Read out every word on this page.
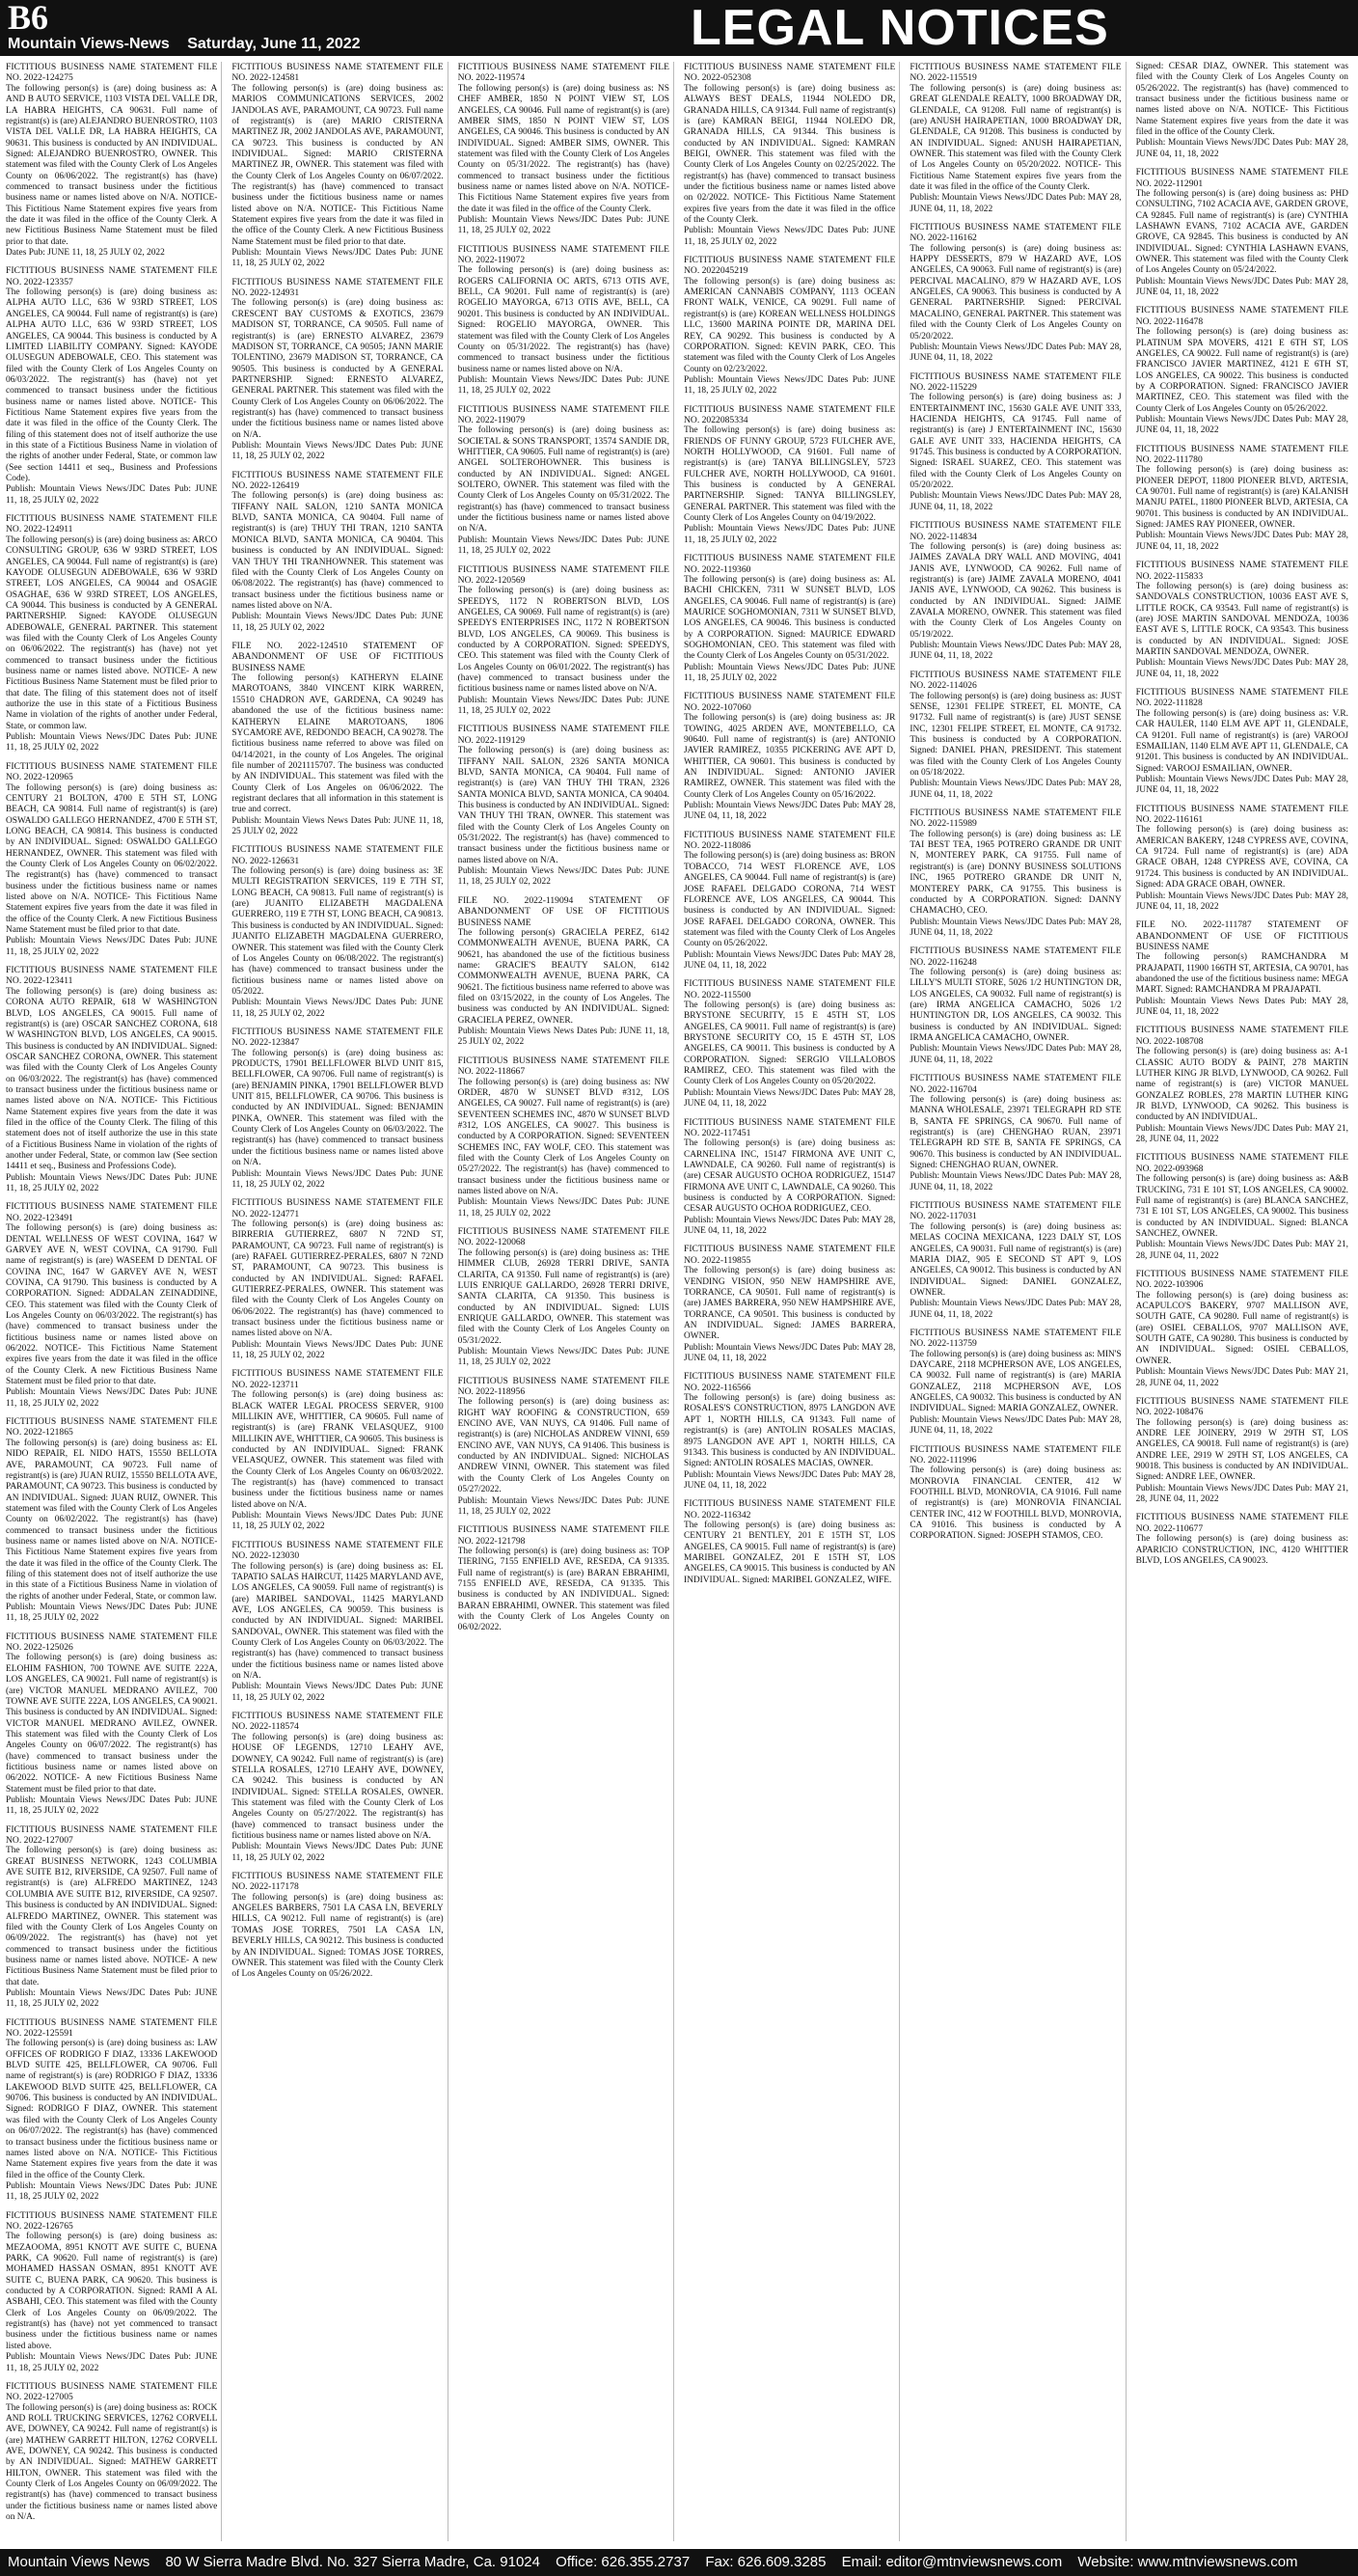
B6
Mountain Views-News Saturday, June 11, 2022	LEGAL NOTICES

FICTITIOUS BUSINESS NAME STATEMENT FILE NO. 2022-124275

The following person(s) is (are) doing business as: A AND B AUTO SERVICE, 1103 VISTA DEL VALLE DR, LA HABRA HEIGHTS, CA 90631. Full name of registrant(s) is (are) ALEJANDRO BUENROSTRO, 1103 VISTA DEL VALLE DR, LA HABRA HEIGHTS, CA 90631. This business is conducted by AN INDIVIDUAL. Signed: ALEJANDRO BUENROSTRO, OWNER. This statement was filed with the County Clerk of Los Angeles County on 06/06/2022. The registrant(s) has (have) commenced to transact business under the fictitious business name or names listed above on N/A. NOTICE- This Fictitious Name Statement expires five years from the date it was filed in the office of the County Clerk. A new Fictitious Business Name Statement must be filed prior to that date.

Dates Pub: JUNE 11, 18, 25 JULY 02, 2022

FICTITIOUS BUSINESS NAME STATEMENT FILE NO. 2022-123357

The following person(s) is (are) doing business as: ALPHA AUTO LLC, 636 W 93RD STREET, LOS ANGELES, CA 90044. Full name of registrant(s) is (are) ALPHA AUTO LLC, 636 W 93RD STREET, LOS ANGELES, CA 90044. This business is conducted by A LIMITED LIABILITY COMPANY. Signed: KAYODE OLUSEGUN ADEBOWALE, CEO. This statement was filed with the County Clerk of Los Angeles County on 06/03/2022. The registrant(s) has (have) not yet commenced to transact business under the fictitious business name or names listed above. NOTICE- This Fictitious Name Statement expires five years from the date it was filed in the office of the County Clerk. The filing of this statement does not of itself authorize the use in this state of a Fictitious Business Name in violation of the rights of another under Federal, State, or common law (See section 14411 et seq., Business and Professions Code).

Publish: Mountain Views News/JDC Dates Pub: JUNE 11, 18, 25 JULY 02, 2022

FICTITIOUS BUSINESS NAME STATEMENT FILE NO. 2022-124911

The following person(s) is (are) doing business as: ARCO CONSULTING GROUP, 636 W 93RD STREET, LOS ANGELES, CA 90044. Full name of registrant(s) is (are) KAYODE OLUSEGUN ADEBOWALE, 636 W 93RD STREET, LOS ANGELES, CA 90044 and OSAGIE OSAGHAE, 636 W 93RD STREET, LOS ANGELES, CA 90044. This business is conducted by A GENERAL PARTNERSHIP. Signed: KAYODE OLUSEGUN ADEBOWALE, GENERAL PARTNER. This statement was filed with the County Clerk of Los Angeles County on 06/06/2022. The registrant(s) has (have) not yet commenced to transact business under the fictitious business name or names listed above. NOTICE- A new Fictitious Business Name Statement must be filed prior to that date. The filing of this statement does not of itself authorize the use in this state of a Fictitious Business Name in violation of the rights of another under Federal, State, or common law.

Publish: Mountain Views News/JDC Dates Pub: JUNE 11, 18, 25 JULY 02, 2022

FICTITIOUS BUSINESS NAME STATEMENT FILE NO. 2022-120965

The following person(s) is (are) doing business as: CENTURY 21 BOLTON, 4700 E 5TH ST, LONG BEACH, CA 90814. Full name of registrant(s) is (are) OSWALDO GALLEGO HERNANDEZ, 4700 E 5TH ST, LONG BEACH, CA 90814. This business is conducted by AN INDIVIDUAL. Signed: OSWALDO GALLEGO HERNANDEZ, OWNER. This statement was filed with the County Clerk of Los Angeles County on 06/02/2022. The registrant(s) has (have) commenced to transact business under the fictitious business name or names listed above on N/A. NOTICE- This Fictitious Name Statement expires five years from the date it was filed in the office of the County Clerk. A new Fictitious Business Name Statement must be filed prior to that date.

Publish: Mountain Views News/JDC Dates Pub: JUNE 11, 18, 25 JULY 02, 2022

FICTITIOUS BUSINESS NAME STATEMENT FILE NO. 2022-123411

The following person(s) is (are) doing business as: CORONA AUTO REPAIR, 618 W WASHINGTON BLVD, LOS ANGELES, CA 90015. Full name of registrant(s) is (are) OSCAR SANCHEZ CORONA, 618 W WASHINGTON BLVD, LOS ANGELES, CA 90015. This business is conducted by AN INDIVIDUAL. Signed: OSCAR SANCHEZ CORONA, OWNER. This statement was filed with the County Clerk of Los Angeles County on 06/03/2022. The registrant(s) has (have) commenced to transact business under the fictitious business name or names listed above on N/A. NOTICE- This Fictitious Name Statement expires five years from the date it was filed in the office of the County Clerk. The filing of this statement does not of itself authorize the use in this state of a Fictitious Business Name in violation of the rights of another under Federal, State, or common law (See section 14411 et seq., Business and Professions Code).

Publish: Mountain Views News/JDC Dates Pub: JUNE 11, 18, 25 JULY 02, 2022

FICTITIOUS BUSINESS NAME STATEMENT FILE NO. 2022-123491

The following person(s) is (are) doing business as: DENTAL WELLNESS OF WEST COVINA, 1647 W GARVEY AVE N, WEST COVINA, CA 91790. Full name of registrant(s) is (are) WASEEM D DENTAL OF COVINA INC, 1647 W GARVEY AVE N, WEST COVINA, CA 91790. This business is conducted by A CORPORATION. Signed: ADDALAN ZEINADDINE, CEO. This statement was filed with the County Clerk of Los Angeles County on 06/03/2022. The registrant(s) has (have) commenced to transact business under the fictitious business name or names listed above on 06/2022. NOTICE- This Fictitious Name Statement expires five years from the date it was filed in the office of the County Clerk. A new Fictitious Business Name Statement must be filed prior to that date.

Publish: Mountain Views News/JDC Dates Pub: JUNE 11, 18, 25 JULY 02, 2022

FICTITIOUS BUSINESS NAME STATEMENT FILE NO. 2022-121865

The following person(s) is (are) doing business as: EL NIDO REPAIR, EL NIDO HATS, 15550 BELLOTA AVE, PARAMOUNT, CA 90723. Full name of registrant(s) is (are) JUAN RUIZ, 15550 BELLOTA AVE, PARAMOUNT, CA 90723. This business is conducted by AN INDIVIDUAL. Signed: JUAN RUIZ, OWNER. This statement was filed with the County Clerk of Los Angeles County on 06/02/2022. The registrant(s) has (have) commenced to transact business under the fictitious business name or names listed above on N/A. NOTICE- This Fictitious Name Statement expires five years from the date it was filed in the office of the County Clerk. The filing of this statement does not of itself authorize the use in this state of a Fictitious Business Name in violation of the rights of another under Federal, State, or common law.

Publish: Mountain Views News/JDC Dates Pub: JUNE 11, 18, 25 JULY 02, 2022

FICTITIOUS BUSINESS NAME STATEMENT FILE NO. 2022-125026

The following person(s) is (are) doing business as: ELOHIM FASHION, 700 TOWNE AVE SUITE 222A, LOS ANGELES, CA 90021. Full name of registrant(s) is (are) VICTOR MANUEL MEDRANO AVILEZ, 700 TOWNE AVE SUITE 222A, LOS ANGELES, CA 90021. This business is conducted by AN INDIVIDUAL. Signed: VICTOR MANUEL MEDRANO AVILEZ, OWNER. This statement was filed with the County Clerk of Los Angeles County on 06/07/2022. The registrant(s) has (have) commenced to transact business under the fictitious business name or names listed above on 06/2022. NOTICE- A new Fictitious Business Name Statement must be filed prior to that date.

Publish: Mountain Views News/JDC Dates Pub: JUNE 11, 18, 25 JULY 02, 2022

FICTITIOUS BUSINESS NAME STATEMENT FILE NO. 2022-127007

The following person(s) is (are) doing business as: GREAT BUSINESS NETWORK, 1243 COLUMBIA AVE SUITE B12, RIVERSIDE, CA 92507. Full name of registrant(s) is (are) ALFREDO MARTINEZ, 1243 COLUMBIA AVE SUITE B12, RIVERSIDE, CA 92507. This business is conducted by AN INDIVIDUAL. Signed: ALFREDO MARTINEZ, OWNER. This statement was filed with the County Clerk of Los Angeles County on 06/09/2022. The registrant(s) has (have) not yet commenced to transact business under the fictitious business name or names listed above. NOTICE- A new Fictitious Business Name Statement must be filed prior to that date.

Publish: Mountain Views News/JDC Dates Pub: JUNE 11, 18, 25 JULY 02, 2022

FICTITIOUS BUSINESS NAME STATEMENT FILE NO. 2022-125591

The following person(s) is (are) doing business as: LAW OFFICES OF RODRIGO F DIAZ, 13336 LAKEWOOD BLVD SUITE 425, BELLFLOWER, CA 90706. Full name of registrant(s) is (are) RODRIGO F DIAZ, 13336 LAKEWOOD BLVD SUITE 425, BELLFLOWER, CA 90706. This business is conducted by AN INDIVIDUAL. Signed: RODRIGO F DIAZ, OWNER. This statement was filed with the County Clerk of Los Angeles County on 06/07/2022. The registrant(s) has (have) commenced to transact business under the fictitious business name or names listed above on N/A. NOTICE- This Fictitious Name Statement expires five years from the date it was filed in the office of the County Clerk.

Publish: Mountain Views News/JDC Dates Pub: JUNE 11, 18, 25 JULY 02, 2022

FICTITIOUS BUSINESS NAME STATEMENT FILE NO. 2022-126765

The following person(s) is (are) doing business as: MEZAOOMA, 8951 KNOTT AVE SUITE C, BUENA PARK, CA 90620. Full name of registrant(s) is (are) MOHAMED HASSAN OSMAN, 8951 KNOTT AVE SUITE C, BUENA PARK, CA 90620. This business is conducted by A CORPORATION. Signed: RAMI A AL ASBAHI, CEO. This statement was filed with the County Clerk of Los Angeles County on 06/09/2022. The registrant(s) has (have) not yet commenced to transact business under the fictitious business name or names listed above.

Publish: Mountain Views News/JDC Dates Pub: JUNE 11, 18, 25 JULY 02, 2022

FICTITIOUS BUSINESS NAME STATEMENT FILE NO. 2022-127005

The following person(s) is (are) doing business as: ROCK AND ROLL TRUCKING SERVICES, 12762 CORVELL AVE, DOWNEY, CA 90242. Full name of registrant(s) is (are) MATHEW GARRETT HILTON, 12762 CORVELL AVE, DOWNEY, CA 90242. This business is conducted by AN INDIVIDUAL. Signed: MATHEW GARRETT HILTON, OWNER. This statement was filed with the County Clerk of Los Angeles County on 06/09/2022. The registrant(s) has (have) commenced to transact business under the fictitious business name or names listed above on N/A.

FICTITIOUS BUSINESS NAME STATEMENT FILE NO. 2022-124581

The following person(s) is (are) doing business as: MARIOS COMMUNICATIONS SERVICES, 2002 JANDOLAS AVE, PARAMOUNT, CA 90723. Full name of registrant(s) is (are) MARIO CRISTERNA MARTINEZ JR, 2002 JANDOLAS AVE, PARAMOUNT, CA 90723. This business is conducted by AN INDIVIDUAL. Signed: MARIO CRISTERNA MARTINEZ JR, OWNER. This statement was filed with the County Clerk of Los Angeles County on 06/07/2022. The registrant(s) has (have) commenced to transact business under the fictitious business name or names listed above on N/A. NOTICE- This Fictitious Name Statement expires five years from the date it was filed in the office of the County Clerk. A new Fictitious Business Name Statement must be filed prior to that date.

Publish: Mountain Views News/JDC Dates Pub: JUNE 11, 18, 25 JULY 02, 2022

FICTITIOUS BUSINESS NAME STATEMENT FILE NO. 2022-124931

The following person(s) is (are) doing business as: CRESCENT BAY CUSTOMS & EXOTICS, 23679 MADISON ST, TORRANCE, CA 90505. Full name of registrant(s) is (are) ERNESTO ALVAREZ, 23679 MADISON ST, TORRANCE, CA 90505; JANN MARIE TOLENTINO, 23679 MADISON ST, TORRANCE, CA 90505. This business is conducted by A GENERAL PARTNERSHIP. Signed: ERNESTO ALVAREZ, GENERAL PARTNER. This statement was filed with the County Clerk of Los Angeles County on 06/06/2022. The registrant(s) has (have) commenced to transact business under the fictitious business name or names listed above on N/A.

Publish: Mountain Views News/JDC Dates Pub: JUNE 11, 18, 25 JULY 02, 2022

FICTITIOUS BUSINESS NAME STATEMENT FILE NO. 2022-126419

The following person(s) is (are) doing business as: TIFFANY NAIL SALON, 1210 SANTA MONICA BLVD, SANTA MONICA, CA 90404. Full name of registrant(s) is (are) THUY THI TRAN, 1210 SANTA MONICA BLVD, SANTA MONICA, CA 90404. This business is conducted by AN INDIVIDUAL. Signed: VAN THUY THI TRANHOWNER. This statement was filed with the County Clerk of Los Angeles County on 06/08/2022. The registrant(s) has (have) commenced to transact business under the fictitious business name or names listed above on N/A.

Publish: Mountain Views News/JDC Dates Pub: JUNE 11, 18, 25 JULY 02, 2022

FILE NO. 2022-124510 STATEMENT OF ABANDONMENT OF USE OF FICTITIOUS BUSINESS NAME

The following person(s) KATHERYN ELAINE MAROTOANS, 3840 VINCENT KIRK WARREN, 15510 CHADRON AVE, GARDENA, CA 90249 has abandoned the use of the fictitious business name: KATHERYN ELAINE MAROTOANS, 1806 SYCAMORE AVE, REDONDO BEACH, CA 90278. The fictitious business name referred to above was filed on 04/14/2021, in the county of Los Angeles. The original file number of 2021115707. The business was conducted by AN INDIVIDUAL. This statement was filed with the County Clerk of Los Angeles on 06/06/2022. The registrant declares that all information in this statement is true and correct.

Publish: Mountain Views News Dates Pub: JUNE 11, 18, 25 JULY 02, 2022

FICTITIOUS BUSINESS NAME STATEMENT FILE NO. 2022-126631

The following person(s) is (are) doing business as: 3E MULTI REGISTRATION SERVICES, 119 E 7TH ST, LONG BEACH, CA 90813. Full name of registrant(s) is (are) JUANITO ELIZABETH MAGDALENA GUERRERO, 119 E 7TH ST, LONG BEACH, CA 90813. This business is conducted by AN INDIVIDUAL. Signed: JUANITO ELIZABETH MAGDALENA GUERRERO, OWNER. This statement was filed with the County Clerk of Los Angeles County on 06/08/2022. The registrant(s) has (have) commenced to transact business under the fictitious business name or names listed above on 05/2022.

Publish: Mountain Views News/JDC Dates Pub: JUNE 11, 18, 25 JULY 02, 2022

FICTITIOUS BUSINESS NAME STATEMENT FILE NO. 2022-123847

The following person(s) is (are) doing business as: PRODUCTS, 17901 BELLFLOWER BLVD UNIT 815, BELLFLOWER, CA 90706. Full name of registrant(s) is (are) BENJAMIN PINKA, 17901 BELLFLOWER BLVD UNIT 815, BELLFLOWER, CA 90706. This business is conducted by AN INDIVIDUAL. Signed: BENJAMIN PINKA, OWNER. This statement was filed with the County Clerk of Los Angeles County on 06/03/2022. The registrant(s) has (have) commenced to transact business under the fictitious business name or names listed above on N/A.

Publish: Mountain Views News/JDC Dates Pub: JUNE 11, 18, 25 JULY 02, 2022

FICTITIOUS BUSINESS NAME STATEMENT FILE NO. 2022-124771

The following person(s) is (are) doing business as: BIRRERIA GUTIERREZ, 6807 N 72ND ST, PARAMOUNT, CA 90723. Full name of registrant(s) is (are) RAFAEL GUTIERREZ-PERALES, 6807 N 72ND ST, PARAMOUNT, CA 90723. This business is conducted by AN INDIVIDUAL. Signed: RAFAEL GUTIERREZ-PERALES, OWNER. This statement was filed with the County Clerk of Los Angeles County on 06/06/2022. The registrant(s) has (have) commenced to transact business under the fictitious business name or names listed above on N/A.

Publish: Mountain Views News/JDC Dates Pub: JUNE 11, 18, 25 JULY 02, 2022

FICTITIOUS BUSINESS NAME STATEMENT FILE NO. 2022-123711

The following person(s) is (are) doing business as: BLACK WATER LEGAL PROCESS SERVER, 9100 MILLIKIN AVE, WHITTIER, CA 90605. Full name of registrant(s) is (are) FRANK VELASQUEZ, 9100 MILLIKIN AVE, WHITTIER, CA 90605. This business is conducted by AN INDIVIDUAL. Signed: FRANK VELASQUEZ, OWNER. This statement was filed with the County Clerk of Los Angeles County on 06/03/2022. The registrant(s) has (have) commenced to transact business under the fictitious business name or names listed above on N/A.

Publish: Mountain Views News/JDC Dates Pub: JUNE 11, 18, 25 JULY 02, 2022

FICTITIOUS BUSINESS NAME STATEMENT FILE NO. 2022-123030

The following person(s) is (are) doing business as: EL TAPATIO SALAS HAIRCUT, 11425 MARYLAND AVE, LOS ANGELES, CA 90059. Full name of registrant(s) is (are) MARIBEL SANDOVAL, 11425 MARYLAND AVE, LOS ANGELES, CA 90059. This business is conducted by AN INDIVIDUAL. Signed: MARIBEL SANDOVAL, OWNER. This statement was filed with the County Clerk of Los Angeles County on 06/03/2022. The registrant(s) has (have) commenced to transact business under the fictitious business name or names listed above on N/A.

Publish: Mountain Views News/JDC Dates Pub: JUNE 11, 18, 25 JULY 02, 2022

FICTITIOUS BUSINESS NAME STATEMENT FILE NO. 2022-118574

The following person(s) is (are) doing business as: HOUSE OF LEGENDS, 12710 LEAHY AVE, DOWNEY, CA 90242. Full name of registrant(s) is (are) STELLA ROSALES, 12710 LEAHY AVE, DOWNEY, CA 90242. This business is conducted by AN INDIVIDUAL. Signed: STELLA ROSALES, OWNER. This statement was filed with the County Clerk of Los Angeles County on 05/27/2022. The registrant(s) has (have) commenced to transact business under the fictitious business name or names listed above on N/A.

Publish: Mountain Views News/JDC Dates Pub: JUNE 11, 18, 25 JULY 02, 2022

FICTITIOUS BUSINESS NAME STATEMENT FILE NO. 2022-117178

The following person(s) is (are) doing business as: ANGELES BARBERS, 7501 LA CASA LN, BEVERLY HILLS, CA 90212. Full name of registrant(s) is (are) TOMAS JOSE TORRES, 7501 LA CASA LN, BEVERLY HILLS, CA 90212. This business is conducted by AN INDIVIDUAL. Signed: TOMAS JOSE TORRES, OWNER. This statement was filed with the County Clerk of Los Angeles County on 05/26/2022.

FICTITIOUS BUSINESS NAME STATEMENT FILE NO. 2022-119574

The following person(s) is (are) doing business as: NS CHEF AMBER, 1850 N POINT VIEW ST, LOS ANGELES, CA 90046. Full name of registrant(s) is (are) AMBER SIMS, 1850 N POINT VIEW ST, LOS ANGELES, CA 90046. This business is conducted by AN INDIVIDUAL. Signed: AMBER SIMS, OWNER. This statement was filed with the County Clerk of Los Angeles County on 05/31/2022. The registrant(s) has (have) commenced to transact business under the fictitious business name or names listed above on N/A. NOTICE- This Fictitious Name Statement expires five years from the date it was filed in the office of the County Clerk.

Publish: Mountain Views News/JDC Dates Pub: JUNE 11, 18, 25 JULY 02, 2022

FICTITIOUS BUSINESS NAME STATEMENT FILE NO. 2022-119072

The following person(s) is (are) doing business as: ROGERS CALIFORNIA OC ARTS, 6713 OTIS AVE, BELL, CA 90201. Full name of registrant(s) is (are) ROGELIO MAYORGA, 6713 OTIS AVE, BELL, CA 90201. This business is conducted by AN INDIVIDUAL. Signed: ROGELIO MAYORGA, OWNER. This statement was filed with the County Clerk of Los Angeles County on 05/31/2022. The registrant(s) has (have) commenced to transact business under the fictitious business name or names listed above on N/A.

Publish: Mountain Views News/JDC Dates Pub: JUNE 11, 18, 25 JULY 02, 2022

FICTITIOUS BUSINESS NAME STATEMENT FILE NO. 2022-119079

The following person(s) is (are) doing business as: SOCIETAL & SONS TRANSPORT, 13574 SANDIE DR, WHITTIER, CA 90605. Full name of registrant(s) is (are) ANGEL SOLTEROHOWNER. This business is conducted by AN INDIVIDUAL. Signed: ANGEL SOLTERO, OWNER. This statement was filed with the County Clerk of Los Angeles County on 05/31/2022. The registrant(s) has (have) commenced to transact business under the fictitious business name or names listed above on N/A.

Publish: Mountain Views News/JDC Dates Pub: JUNE 11, 18, 25 JULY 02, 2022

FICTITIOUS BUSINESS NAME STATEMENT FILE NO. 2022-120569

The following person(s) is (are) doing business as: SPEEDYS, 1172 N ROBERTSON BLVD, LOS ANGELES, CA 90069. Full name of registrant(s) is (are) SPEEDYS ENTERPRISES INC, 1172 N ROBERTSON BLVD, LOS ANGELES, CA 90069. This business is conducted by A CORPORATION. Signed: SPEEDYS, CEO. This statement was filed with the County Clerk of Los Angeles County on 06/01/2022. The registrant(s) has (have) commenced to transact business under the fictitious business name or names listed above on N/A.

Publish: Mountain Views News/JDC Dates Pub: JUNE 11, 18, 25 JULY 02, 2022

FICTITIOUS BUSINESS NAME STATEMENT FILE NO. 2022-119129

The following person(s) is (are) doing business as: TIFFANY NAIL SALON, 2326 SANTA MONICA BLVD, SANTA MONICA, CA 90404. Full name of registrant(s) is (are) VAN THUY THI TRAN, 2326 SANTA MONICA BLVD, SANTA MONICA, CA 90404. This business is conducted by AN INDIVIDUAL. Signed: VAN THUY THI TRAN, OWNER. This statement was filed with the County Clerk of Los Angeles County on 05/31/2022. The registrant(s) has (have) commenced to transact business under the fictitious business name or names listed above on N/A.

Publish: Mountain Views News/JDC Dates Pub: JUNE 11, 18, 25 JULY 02, 2022

FILE NO. 2022-119094 STATEMENT OF ABANDONMENT OF USE OF FICTITIOUS BUSINESS NAME

The following person(s) GRACIELA PEREZ, 6142 COMMONWEALTH AVENUE, BUENA PARK, CA 90621, has abandoned the use of the fictitious business name: GRACIE'S BEAUTY SALON, 6142 COMMONWEALTH AVENUE, BUENA PARK, CA 90621. The fictitious business name referred to above was filed on 03/15/2022, in the county of Los Angeles. The business was conducted by AN INDIVIDUAL. Signed: GRACIELA PEREZ, OWNER.

Publish: Mountain Views News Dates Pub: JUNE 11, 18, 25 JULY 02, 2022

FICTITIOUS BUSINESS NAME STATEMENT FILE NO. 2022-118667

The following person(s) is (are) doing business as: NW ORDER, 4870 W SUNSET BLVD #312, LOS ANGELES, CA 90027. Full name of registrant(s) is (are) SEVENTEEN SCHEMES INC, 4870 W SUNSET BLVD #312, LOS ANGELES, CA 90027. This business is conducted by A CORPORATION. Signed: SEVENTEEN SCHEMES INC, FAY WOLF, CEO. This statement was filed with the County Clerk of Los Angeles County on 05/27/2022. The registrant(s) has (have) commenced to transact business under the fictitious business name or names listed above on N/A.

Publish: Mountain Views News/JDC Dates Pub: JUNE 11, 18, 25 JULY 02, 2022

FICTITIOUS BUSINESS NAME STATEMENT FILE NO. 2022-120068

The following person(s) is (are) doing business as: THE HIMMER CLUB, 26928 TERRI DRIVE, SANTA CLARITA, CA 91350. Full name of registrant(s) is (are) LUIS ENRIQUE GALLARDO, 26928 TERRI DRIVE, SANTA CLARITA, CA 91350. This business is conducted by AN INDIVIDUAL. Signed: LUIS ENRIQUE GALLARDO, OWNER. This statement was filed with the County Clerk of Los Angeles County on 05/31/2022.

Publish: Mountain Views News/JDC Dates Pub: JUNE 11, 18, 25 JULY 02, 2022

FICTITIOUS BUSINESS NAME STATEMENT FILE NO. 2022-118956

The following person(s) is (are) doing business as: RIGHT WAY ROOFING & CONSTRUCTION, 659 ENCINO AVE, VAN NUYS, CA 91406. Full name of registrant(s) is (are) NICHOLAS ANDREW VINNI, 659 ENCINO AVE, VAN NUYS, CA 91406. This business is conducted by AN INDIVIDUAL. Signed: NICHOLAS ANDREW VINNI, OWNER. This statement was filed with the County Clerk of Los Angeles County on 05/27/2022.

Publish: Mountain Views News/JDC Dates Pub: JUNE 11, 18, 25 JULY 02, 2022

FICTITIOUS BUSINESS NAME STATEMENT FILE NO. 2022-121798

The following person(s) is (are) doing business as: TOP TIERING, 7155 ENFIELD AVE, RESEDA, CA 91335. Full name of registrant(s) is (are) BARAN EBRAHIMI, 7155 ENFIELD AVE, RESEDA, CA 91335. This business is conducted by AN INDIVIDUAL. Signed: BARAN EBRAHIMI, OWNER. This statement was filed with the County Clerk of Los Angeles County on 06/02/2022.

FICTITIOUS BUSINESS NAME STATEMENT FILE NO. 2022-052308

The following person(s) is (are) doing business as: ALWAYS BEST DEALS, 11944 NOLEDO DR, GRANADA HILLS, CA 91344. Full name of registrant(s) is (are) KAMRAN BEIGI, 11944 NOLEDO DR, GRANADA HILLS, CA 91344. This business is conducted by AN INDIVIDUAL. Signed: KAMRAN BEIGI, OWNER. This statement was filed with the County Clerk of Los Angeles County on 02/25/2022. The registrant(s) has (have) commenced to transact business under the fictitious business name or names listed above on 02/2022. NOTICE- This Fictitious Name Statement expires five years from the date it was filed in the office of the County Clerk.

Publish: Mountain Views News/JDC Dates Pub: JUNE 11, 18, 25 JULY 02, 2022

FICTITIOUS BUSINESS NAME STATEMENT FILE NO. 2022045219

The following person(s) is (are) doing business as: AMERICAN CANNABIS COMPANY, 1113 OCEAN FRONT WALK, VENICE, CA 90291. Full name of registrant(s) is (are) KOREAN WELLNESS HOLDINGS LLC, 13600 MARINA POINTE DR, MARINA DEL REY, CA 90292. This business is conducted by A CORPORATION. Signed: KEVIN PARK, CEO. This statement was filed with the County Clerk of Los Angeles County on 02/23/2022.

Publish: Mountain Views News/JDC Dates Pub: JUNE 11, 18, 25 JULY 02, 2022

FICTITIOUS BUSINESS NAME STATEMENT FILE NO. 2022085334

The following person(s) is (are) doing business as: FRIENDS OF FUNNY GROUP, 5723 FULCHER AVE, NORTH HOLLYWOOD, CA 91601. Full name of registrant(s) is (are) TANYA BILLINGSLEY, 5723 FULCHER AVE, NORTH HOLLYWOOD, CA 91601. This business is conducted by A GENERAL PARTNERSHIP. Signed: TANYA BILLINGSLEY, GENERAL PARTNER. This statement was filed with the County Clerk of Los Angeles County on 04/19/2022.

Publish: Mountain Views News/JDC Dates Pub: JUNE 11, 18, 25 JULY 02, 2022

FICTITIOUS BUSINESS NAME STATEMENT FILE NO. 2022-119360

The following person(s) is (are) doing business as: AL BACHI CHICKEN, 7311 W SUNSET BLVD, LOS ANGELES, CA 90046. Full name of registrant(s) is (are) MAURICE SOGHOMONIAN, 7311 W SUNSET BLVD, LOS ANGELES, CA 90046. This business is conducted by A CORPORATION. Signed: MAURICE EDWARD SOGHOMONIAN, CEO. This statement was filed with the County Clerk of Los Angeles County on 05/31/2022.

Publish: Mountain Views News/JDC Dates Pub: JUNE 11, 18, 25 JULY 02, 2022

FICTITIOUS BUSINESS NAME STATEMENT FILE NO. 2022-107060

The following person(s) is (are) doing business as: JR TOWING, 4025 ARDEN AVE, MONTEBELLO, CA 90640. Full name of registrant(s) is (are) ANTONIO JAVIER RAMIREZ, 10355 PICKERING AVE APT D, WHITTIER, CA 90601. This business is conducted by AN INDIVIDUAL. Signed: ANTONIO JAVIER RAMIREZ, OWNER. This statement was filed with the County Clerk of Los Angeles County on 05/16/2022.

Publish: Mountain Views News/JDC Dates Pub: MAY 28, JUNE 04, 11, 18, 2022

FICTITIOUS BUSINESS NAME STATEMENT FILE NO. 2022-118086

The following person(s) is (are) doing business as: BRON TOBACCO, 714 WEST FLORENCE AVE, LOS ANGELES, CA 90044. Full name of registrant(s) is (are) JOSE RAFAEL DELGADO CORONA, 714 WEST FLORENCE AVE, LOS ANGELES, CA 90044. This business is conducted by AN INDIVIDUAL. Signed: JOSE RAFAEL DELGADO CORONA, OWNER. This statement was filed with the County Clerk of Los Angeles County on 05/26/2022.

Publish: Mountain Views News/JDC Dates Pub: MAY 28, JUNE 04, 11, 18, 2022

FICTITIOUS BUSINESS NAME STATEMENT FILE NO. 2022-115500

The following person(s) is (are) doing business as: BRYSTONE SECURITY, 15 E 45TH ST, LOS ANGELES, CA 90011. Full name of registrant(s) is (are) BRYSTONE SECURITY CO, 15 E 45TH ST, LOS ANGELES, CA 90011. This business is conducted by A CORPORATION. Signed: SERGIO VILLALOBOS RAMIREZ, CEO. This statement was filed with the County Clerk of Los Angeles County on 05/20/2022.

Publish: Mountain Views News/JDC Dates Pub: MAY 28, JUNE 04, 11, 18, 2022

FICTITIOUS BUSINESS NAME STATEMENT FILE NO. 2022-117451

The following person(s) is (are) doing business as: CARNELINA INC, 15147 FIRMONA AVE UNIT C, LAWNDALE, CA 90260. Full name of registrant(s) is (are) CESAR AUGUSTO OCHOA RODRIGUEZ, 15147 FIRMONA AVE UNIT C, LAWNDALE, CA 90260. This business is conducted by A CORPORATION. Signed: CESAR AUGUSTO OCHOA RODRIGUEZ, CEO.

Publish: Mountain Views News/JDC Dates Pub: MAY 28, JUNE 04, 11, 18, 2022

FICTITIOUS BUSINESS NAME STATEMENT FILE NO. 2022-119855

The following person(s) is (are) doing business as: VENDING VISION, 950 NEW HAMPSHIRE AVE, TORRANCE, CA 90501. Full name of registrant(s) is (are) JAMES BARRERA, 950 NEW HAMPSHIRE AVE, TORRANCE, CA 90501. This business is conducted by AN INDIVIDUAL. Signed: JAMES BARRERA, OWNER.

Publish: Mountain Views News/JDC Dates Pub: MAY 28, JUNE 04, 11, 18, 2022

FICTITIOUS BUSINESS NAME STATEMENT FILE NO. 2022-116566

The following person(s) is (are) doing business as: ROSALES'S CONSTRUCTION, 8975 LANGDON AVE APT 1, NORTH HILLS, CA 91343. Full name of registrant(s) is (are) ANTOLIN ROSALES MACIAS, 8975 LANGDON AVE APT 1, NORTH HILLS, CA 91343. This business is conducted by AN INDIVIDUAL. Signed: ANTOLIN ROSALES MACIAS, OWNER.

Publish: Mountain Views News/JDC Dates Pub: MAY 28, JUNE 04, 11, 18, 2022

FICTITIOUS BUSINESS NAME STATEMENT FILE NO. 2022-116342

The following person(s) is (are) doing business as: CENTURY 21 BENTLEY, 201 E 15TH ST, LOS ANGELES, CA 90015. Full name of registrant(s) is (are) MARIBEL GONZALEZ, 201 E 15TH ST, LOS ANGELES, CA 90015. This business is conducted by AN INDIVIDUAL. Signed: MARIBEL GONZALEZ, WIFE.

FICTITIOUS BUSINESS NAME STATEMENT FILE NO. 2022-115519

The following person(s) is (are) doing business as: GREAT GLENDALE REALTY, 1000 BROADWAY DR, GLENDALE, CA 91208. Full name of registrant(s) is (are) ANUSH HAIRAPETIAN, 1000 BROADWAY DR, GLENDALE, CA 91208. This business is conducted by AN INDIVIDUAL. Signed: ANUSH HAIRAPETIAN, OWNER. This statement was filed with the County Clerk of Los Angeles County on 05/20/2022. NOTICE- This Fictitious Name Statement expires five years from the date it was filed in the office of the County Clerk.

Publish: Mountain Views News/JDC Dates Pub: MAY 28, JUNE 04, 11, 18, 2022

FICTITIOUS BUSINESS NAME STATEMENT FILE NO. 2022-116162

The following person(s) is (are) doing business as: HAPPY DESSERTS, 879 W HAZARD AVE, LOS ANGELES, CA 90063. Full name of registrant(s) is (are) PERCIVAL MACALINO, 879 W HAZARD AVE, LOS ANGELES, CA 90063. This business is conducted by A GENERAL PARTNERSHIP. Signed: PERCIVAL MACALINO, GENERAL PARTNER. This statement was filed with the County Clerk of Los Angeles County on 05/20/2022.

Publish: Mountain Views News/JDC Dates Pub: MAY 28, JUNE 04, 11, 18, 2022

FICTITIOUS BUSINESS NAME STATEMENT FILE NO. 2022-115229

The following person(s) is (are) doing business as: J ENTERTAINMENT INC, 15630 GALE AVE UNIT 333, HACIENDA HEIGHTS, CA 91745. Full name of registrant(s) is (are) J ENTERTAINMENT INC, 15630 GALE AVE UNIT 333, HACIENDA HEIGHTS, CA 91745. This business is conducted by A CORPORATION. Signed: ISRAEL SUAREZ, CEO. This statement was filed with the County Clerk of Los Angeles County on 05/20/2022.

Publish: Mountain Views News/JDC Dates Pub: MAY 28, JUNE 04, 11, 18, 2022

FICTITIOUS BUSINESS NAME STATEMENT FILE NO. 2022-114834

The following person(s) is (are) doing business as: JAIMES ZAVALA DRY WALL AND MOVING, 4041 JANIS AVE, LYNWOOD, CA 90262. Full name of registrant(s) is (are) JAIME ZAVALA MORENO, 4041 JANIS AVE, LYNWOOD, CA 90262. This business is conducted by AN INDIVIDUAL. Signed: JAIME ZAVALA MORENO, OWNER. This statement was filed with the County Clerk of Los Angeles County on 05/19/2022.

Publish: Mountain Views News/JDC Dates Pub: MAY 28, JUNE 04, 11, 18, 2022

FICTITIOUS BUSINESS NAME STATEMENT FILE NO. 2022-114026

The following person(s) is (are) doing business as: JUST SENSE, 12301 FELIPE STREET, EL MONTE, CA 91732. Full name of registrant(s) is (are) JUST SENSE INC, 12301 FELIPE STREET, EL MONTE, CA 91732. This business is conducted by A CORPORATION. Signed: DANIEL PHAN, PRESIDENT. This statement was filed with the County Clerk of Los Angeles County on 05/18/2022.

Publish: Mountain Views News/JDC Dates Pub: MAY 28, JUNE 04, 11, 18, 2022

FICTITIOUS BUSINESS NAME STATEMENT FILE NO. 2022-115989

The following person(s) is (are) doing business as: LE TAI BEST TEA, 1965 POTRERO GRANDE DR UNIT N, MONTEREY PARK, CA 91755. Full name of registrant(s) is (are) DONNY BUSINESS SOLUTIONS INC, 1965 POTRERO GRANDE DR UNIT N, MONTEREY PARK, CA 91755. This business is conducted by A CORPORATION. Signed: DANNY CHAMACHO, CEO.

Publish: Mountain Views News/JDC Dates Pub: MAY 28, JUNE 04, 11, 18, 2022

FICTITIOUS BUSINESS NAME STATEMENT FILE NO. 2022-116248

The following person(s) is (are) doing business as: LILLY'S MULTI STORE, 5026 1/2 HUNTINGTON DR, LOS ANGELES, CA 90032. Full name of registrant(s) is (are) IRMA ANGELICA CAMACHO, 5026 1/2 HUNTINGTON DR, LOS ANGELES, CA 90032. This business is conducted by AN INDIVIDUAL. Signed: IRMA ANGELICA CAMACHO, OWNER.

Publish: Mountain Views News/JDC Dates Pub: MAY 28, JUNE 04, 11, 18, 2022

FICTITIOUS BUSINESS NAME STATEMENT FILE NO. 2022-116704

The following person(s) is (are) doing business as: MANNA WHOLESALE, 23971 TELEGRAPH RD STE B, SANTA FE SPRINGS, CA 90670. Full name of registrant(s) is (are) CHENGHAO RUAN, 23971 TELEGRAPH RD STE B, SANTA FE SPRINGS, CA 90670. This business is conducted by AN INDIVIDUAL. Signed: CHENGHAO RUAN, OWNER.

Publish: Mountain Views News/JDC Dates Pub: MAY 28, JUNE 04, 11, 18, 2022

FICTITIOUS BUSINESS NAME STATEMENT FILE NO. 2022-117031

The following person(s) is (are) doing business as: MELAS COCINA MEXICANA, 1223 DALY ST, LOS ANGELES, CA 90031. Full name of registrant(s) is (are) MARIA DIAZ, 905 E SECOND ST APT 9, LOS ANGELES, CA 90012. This business is conducted by AN INDIVIDUAL. Signed: DANIEL GONZALEZ, OWNER.

Publish: Mountain Views News/JDC Dates Pub: MAY 28, JUNE 04, 11, 18, 2022

FICTITIOUS BUSINESS NAME STATEMENT FILE NO. 2022-113759

The following person(s) is (are) doing business as: MIN'S DAYCARE, 2118 MCPHERSON AVE, LOS ANGELES, CA 90032. Full name of registrant(s) is (are) MARIA GONZALEZ, 2118 MCPHERSON AVE, LOS ANGELES, CA 90032. This business is conducted by AN INDIVIDUAL. Signed: MARIA GONZALEZ, OWNER.

Publish: Mountain Views News/JDC Dates Pub: MAY 28, JUNE 04, 11, 18, 2022

FICTITIOUS BUSINESS NAME STATEMENT FILE NO. 2022-111996

The following person(s) is (are) doing business as: MONROVIA FINANCIAL CENTER, 412 W FOOTHILL BLVD, MONROVIA, CA 91016. Full name of registrant(s) is (are) MONROVIA FINANCIAL CENTER INC, 412 W FOOTHILL BLVD, MONROVIA, CA 91016. This business is conducted by A CORPORATION. Signed: JOSEPH STAMOS, CEO.

Signed: CESAR DIAZ, OWNER. This statement was filed with the County Clerk of Los Angeles County on 05/26/2022. The registrant(s) has (have) commenced to transact business under the fictitious business name or names listed above on N/A. NOTICE- This Fictitious Name Statement expires five years from the date it was filed in the office of the County Clerk.

Publish: Mountain Views News/JDC Dates Pub: MAY 28, JUNE 04, 11, 18, 2022

FICTITIOUS BUSINESS NAME STATEMENT FILE NO. 2022-112901

The following person(s) is (are) doing business as: PHD CONSULTING, 7102 ACACIA AVE, GARDEN GROVE, CA 92845. Full name of registrant(s) is (are) CYNTHIA LASHAWN EVANS, 7102 ACACIA AVE, GARDEN GROVE, CA 92845. This business is conducted by AN INDIVIDUAL. Signed: CYNTHIA LASHAWN EVANS, OWNER. This statement was filed with the County Clerk of Los Angeles County on 05/24/2022.

Publish: Mountain Views News/JDC Dates Pub: MAY 28, JUNE 04, 11, 18, 2022

FICTITIOUS BUSINESS NAME STATEMENT FILE NO. 2022-116478

The following person(s) is (are) doing business as: PLATINUM SPA MOVERS, 4121 E 6TH ST, LOS ANGELES, CA 90022. Full name of registrant(s) is (are) FRANCISCO JAVIER MARTINEZ, 4121 E 6TH ST, LOS ANGELES, CA 90022. This business is conducted by A CORPORATION. Signed: FRANCISCO JAVIER MARTINEZ, CEO. This statement was filed with the County Clerk of Los Angeles County on 05/26/2022.

Publish: Mountain Views News/JDC Dates Pub: MAY 28, JUNE 04, 11, 18, 2022

FICTITIOUS BUSINESS NAME STATEMENT FILE NO. 2022-111780

The following person(s) is (are) doing business as: PIONEER DEPOT, 11800 PIONEER BLVD, ARTESIA, CA 90701. Full name of registrant(s) is (are) KALANISH MANJU PATEL, 11800 PIONEER BLVD, ARTESIA, CA 90701. This business is conducted by AN INDIVIDUAL. Signed: JAMES RAY PIONEER, OWNER.

Publish: Mountain Views News/JDC Dates Pub: MAY 28, JUNE 04, 11, 18, 2022

FICTITIOUS BUSINESS NAME STATEMENT FILE NO. 2022-115833

The following person(s) is (are) doing business as: SANDOVALS CONSTRUCTION, 10036 EAST AVE S, LITTLE ROCK, CA 93543. Full name of registrant(s) is (are) JOSE MARTIN SANDOVAL MENDOZA, 10036 EAST AVE S, LITTLE ROCK, CA 93543. This business is conducted by AN INDIVIDUAL. Signed: JOSE MARTIN SANDOVAL MENDOZA, OWNER.

Publish: Mountain Views News/JDC Dates Pub: MAY 28, JUNE 04, 11, 18, 2022

FICTITIOUS BUSINESS NAME STATEMENT FILE NO. 2022-111828

The following person(s) is (are) doing business as: V.R. CAR HAULER, 1140 ELM AVE APT 11, GLENDALE, CA 91201. Full name of registrant(s) is (are) VAROOJ ESMAILIAN, 1140 ELM AVE APT 11, GLENDALE, CA 91201. This business is conducted by AN INDIVIDUAL. Signed: VAROOJ ESMAILIAN, OWNER.

Publish: Mountain Views News/JDC Dates Pub: MAY 28, JUNE 04, 11, 18, 2022

FICTITIOUS BUSINESS NAME STATEMENT FILE NO. 2022-116161

The following person(s) is (are) doing business as: AMERICAN BAKERY, 1248 CYPRESS AVE, COVINA, CA 91724. Full name of registrant(s) is (are) ADA GRACE OBAH, 1248 CYPRESS AVE, COVINA, CA 91724. This business is conducted by AN INDIVIDUAL. Signed: ADA GRACE OBAH, OWNER.

Publish: Mountain Views News/JDC Dates Pub: MAY 28, JUNE 04, 11, 18, 2022

FILE NO. 2022-111787 STATEMENT OF ABANDONMENT OF USE OF FICTITIOUS BUSINESS NAME

The following person(s) RAMCHANDRA M PRAJAPATI, 11900 166TH ST, ARTESIA, CA 90701, has abandoned the use of the fictitious business name: MEGA MART. Signed: RAMCHANDRA M PRAJAPATI.

Publish: Mountain Views News Dates Pub: MAY 28, JUNE 04, 11, 18, 2022

FICTITIOUS BUSINESS NAME STATEMENT FILE NO. 2022-108708

The following person(s) is (are) doing business as: A-1 CLASSIC AUTO BODY & PAINT, 278 MARTIN LUTHER KING JR BLVD, LYNWOOD, CA 90262. Full name of registrant(s) is (are) VICTOR MANUEL GONZALEZ ROBLES, 278 MARTIN LUTHER KING JR BLVD, LYNWOOD, CA 90262. This business is conducted by AN INDIVIDUAL.

Publish: Mountain Views News/JDC Dates Pub: MAY 21, 28, JUNE 04, 11, 2022

FICTITIOUS BUSINESS NAME STATEMENT FILE NO. 2022-093968

The following person(s) is (are) doing business as: A&B TRUCKING, 731 E 101 ST, LOS ANGELES, CA 90002. Full name of registrant(s) is (are) BLANCA SANCHEZ, 731 E 101 ST, LOS ANGELES, CA 90002. This business is conducted by AN INDIVIDUAL. Signed: BLANCA SANCHEZ, OWNER.

Publish: Mountain Views News/JDC Dates Pub: MAY 21, 28, JUNE 04, 11, 2022

FICTITIOUS BUSINESS NAME STATEMENT FILE NO. 2022-103906

The following person(s) is (are) doing business as: ACAPULCO'S BAKERY, 9707 MALLISON AVE, SOUTH GATE, CA 90280. Full name of registrant(s) is (are) OSIEL CEBALLOS, 9707 MALLISON AVE, SOUTH GATE, CA 90280. This business is conducted by AN INDIVIDUAL. Signed: OSIEL CEBALLOS, OWNER.

Publish: Mountain Views News/JDC Dates Pub: MAY 21, 28, JUNE 04, 11, 2022

FICTITIOUS BUSINESS NAME STATEMENT FILE NO. 2022-108476

The following person(s) is (are) doing business as: ANDRE LEE JOINERY, 2919 W 29TH ST, LOS ANGELES, CA 90018. Full name of registrant(s) is (are) ANDRE LEE, 2919 W 29TH ST, LOS ANGELES, CA 90018. This business is conducted by AN INDIVIDUAL. Signed: ANDRE LEE, OWNER.

Publish: Mountain Views News/JDC Dates Pub: MAY 21, 28, JUNE 04, 11, 2022

FICTITIOUS BUSINESS NAME STATEMENT FILE NO. 2022-110677

The following person(s) is (are) doing business as: APARICIO CONSTRUCTION, INC, 4120 WHITTIER BLVD, LOS ANGELES, CA 90023.

Mountain Views News 80 W Sierra Madre Blvd. No. 327 Sierra Madre, Ca. 91024 Office: 626.355.2737 Fax: 626.609.3285 Email: editor@mtnviewsnews.com Website: www.mtnviewsnews.com
